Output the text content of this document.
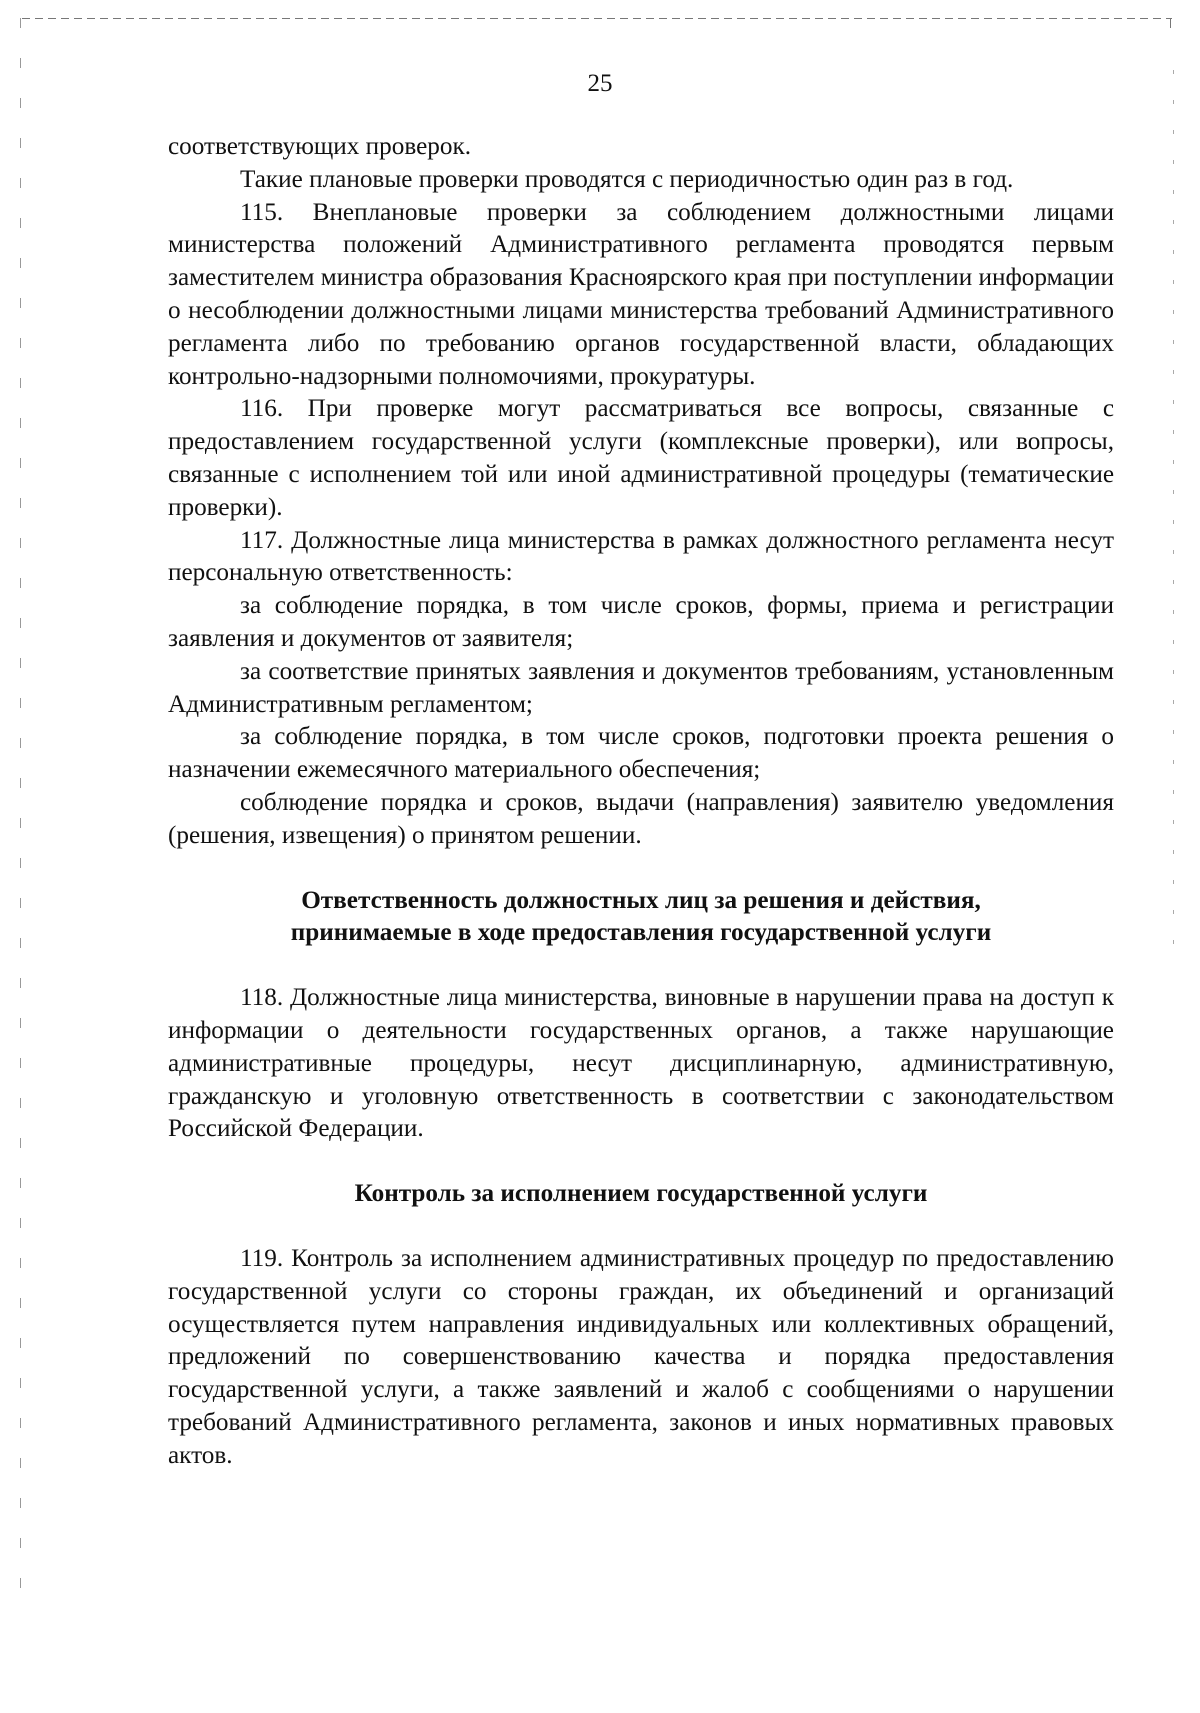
25

соответствующих проверок.

Такие плановые проверки проводятся с периодичностью один раз в год.

115. Внеплановые проверки за соблюдением должностными лицами министерства положений Административного регламента проводятся первым заместителем министра образования Красноярского края при поступлении информации о несоблюдении должностными лицами министерства требований Административного регламента либо по требованию органов государственной власти, обладающих контрольно-надзорными полномочиями, прокуратуры.

116. При проверке могут рассматриваться все вопросы, связанные с предоставлением государственной услуги (комплексные проверки), или вопросы, связанные с исполнением той или иной административной процедуры (тематические проверки).

117. Должностные лица министерства в рамках должностного регламента несут персональную ответственность:

за соблюдение порядка, в том числе сроков, формы, приема и регистрации заявления и документов от заявителя;

за соответствие принятых заявления и документов требованиям, установленным Административным регламентом;

за соблюдение порядка, в том числе сроков, подготовки проекта решения о назначении ежемесячного материального обеспечения;

соблюдение порядка и сроков, выдачи (направления) заявителю уведомления (решения, извещения) о принятом решении.

Ответственность должностных лиц за решения и действия,
принимаемые в ходе предоставления государственной услуги

118. Должностные лица министерства, виновные в нарушении права на доступ к информации о деятельности государственных органов, а также нарушающие административные процедуры, несут дисциплинарную, административную, гражданскую и уголовную ответственность в соответствии с законодательством Российской Федерации.

Контроль за исполнением государственной услуги

119. Контроль за исполнением административных процедур по предоставлению государственной услуги со стороны граждан, их объединений и организаций осуществляется путем направления индивидуальных или коллективных обращений, предложений по совершенствованию качества и порядка предоставления государственной услуги, а также заявлений и жалоб с сообщениями о нарушении требований Административного регламента, законов и иных нормативных правовых актов.
